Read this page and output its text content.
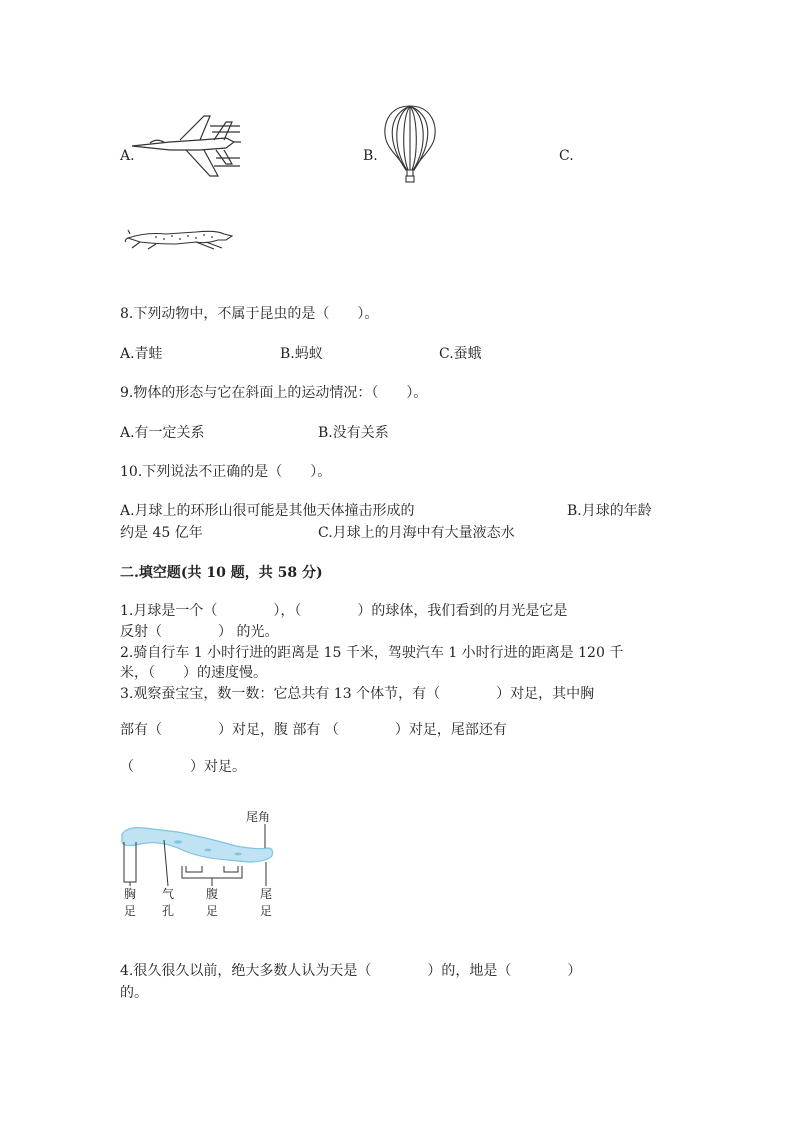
A.	B.	C.
8.下列动物中，不属于昆虫的是（　　）。
A.青蛙	B.蚂蚁	C.蚕蛾
9.物体的形态与它在斜面上的运动情况：（　　）。
A.有一定关系	B.没有关系
10.下列说法不正确的是（　　）。
A.月球上的环形山很可能是其他天体撞击形成的	B.月球的年龄
约是 45 亿年	C.月球上的月海中有大量液态水
二.填空题(共 10 题，共 58 分)
1.月球是一个（　　　　），（　　　　）的球体，我们看到的月光是它是
反射（　　　　） 的光。
2.骑自行车 1 小时行进的距离是 15 千米，驾驶汽车 1 小时行进的距离是 120 千
米，（　　）的速度慢。
3.观察蚕宝宝，数一数：它总共有 13 个体节，有（　　　　）对足，其中胸
部有（　　　　）对足，腹 部有 （　　　　）对足，尾部还有
（　　　　）对足。
尾角
胸
足
气
孔
腹
足
尾
足
4.很久很久以前，绝大多数人认为天是（　　　　）的，地是（　　　　）
的。
